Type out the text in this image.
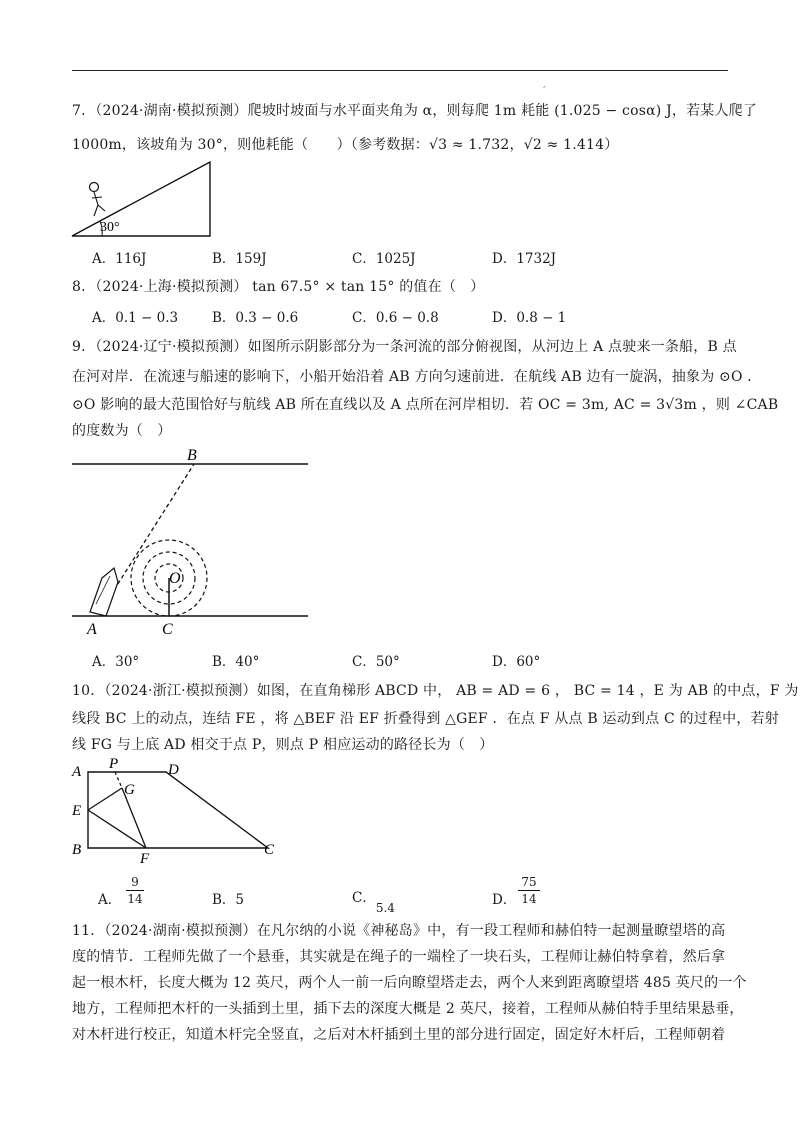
,
7．（2024·湖南·模拟预测）爬坡时坡面与水平面夹角为 α，则每爬 1m 耗能 (1.025 − cosα) J，若某人爬了
1000m，该坡角为 30°，则他耗能（　　）（参考数据：√3 ≈ 1.732，√2 ≈ 1.414）
30°
A．116J	B．159J	C．1025J	D．1732J
8．（2024·上海·模拟预测） tan 67.5° × tan 15° 的值在（　）
A．0.1 − 0.3	B．0.3 − 0.6	C．0.6 − 0.8	D．0.8 − 1
9．（2024·辽宁·模拟预测）如图所示阴影部分为一条河流的部分俯视图，从河边上 A 点驶来一条船，B 点
在河对岸．在流速与船速的影响下，小船开始沿着 AB 方向匀速前进．在航线 AB 边有一旋涡，抽象为 ⊙O ．
⊙O 影响的最大范围恰好与航线 AB 所在直线以及 A 点所在河岸相切．若 OC = 3m, AC = 3√3m ，则 ∠CAB
的度数为（　）
B
O
A	C
A．30°	B．40°	C．50°	D．60°
10．（2024·浙江·模拟预测）如图，在直角梯形 ABCD 中， AB = AD = 6 ， BC = 14 ，E 为 AB 的中点，F 为
线段 BC 上的动点，连结 FE ，将 △BEF 沿 EF 折叠得到 △GEF ．在点 F 从点 B 运动到点 C 的过程中，若射
线 FG 与上底 AD 相交于点 P，则点 P 相应运动的路径长为（　）
A P	D
G
E
B
F
C
A．
9
14	B．5	C．5.4	D．
75
14
11．（2024·湖南·模拟预测）在凡尔纳的小说《神秘岛》中，有一段工程师和赫伯特一起测量瞭望塔的高
度的情节．工程师先做了一个悬垂，其实就是在绳子的一端栓了一块石头，工程师让赫伯特拿着，然后拿
起一根木杆，长度大概为 12 英尺，两个人一前一后向瞭望塔走去，两个人来到距离瞭望塔 485 英尺的一个
地方，工程师把木杆的一头插到土里，插下去的深度大概是 2 英尺，接着，工程师从赫伯特手里结果悬垂，
对木杆进行校正，知道木杆完全竖直，之后对木杆插到土里的部分进行固定，固定好木杆后，工程师朝着
